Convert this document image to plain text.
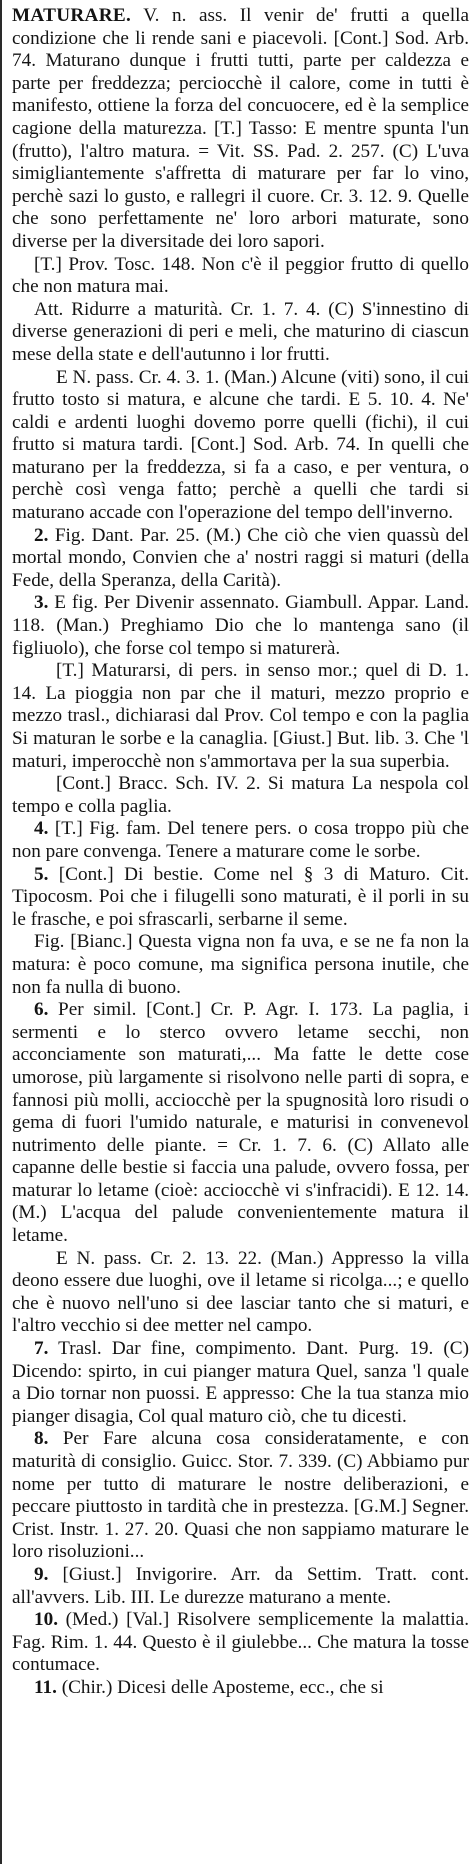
MATURARE. V. n. ass. Il venir de' frutti a quella condizione che li rende sani e piacevoli. [Cont.] Sod. Arb. 74. Maturano dunque i frutti tutti, parte per caldezza e parte per freddezza; perciocchè il calore, come in tutti è manifesto, ottiene la forza del concuocere, ed è la semplice cagione della maturezza. [T.] Tasso: E mentre spunta l'un (frutto), l'altro matura. = Vit. SS. Pad. 2. 257. (C) L'uva simigliantemente s'affretta di maturare per far lo vino, perchè sazi lo gusto, e rallegri il cuore. Cr. 3. 12. 9. Quelle che sono perfettamente ne' loro arbori maturate, sono diverse per la diversitade dei loro sapori.

[T.] Prov. Tosc. 148. Non c'è il peggior frutto di quello che non matura mai.

Att. Ridurre a maturità. Cr. 1. 7. 4. (C) S'innestino di diverse generazioni di peri e meli, che maturino di ciascun mese della state e dell'autunno i lor frutti.

E N. pass. Cr. 4. 3. 1. (Man.) Alcune (viti) sono, il cui frutto tosto si matura, e alcune che tardi. E 5. 10. 4. Ne' caldi e ardenti luoghi dovemo porre quelli (fichi), il cui frutto si matura tardi. [Cont.] Sod. Arb. 74. In quelli che maturano per la freddezza, si fa a caso, e per ventura, o perchè così venga fatto; perchè a quelli che tardi si maturano accade con l'operazione del tempo dell'inverno.

2. Fig. Dant. Par. 25. (M.) Che ciò che vien quassù del mortal mondo, Convien che a' nostri raggi si maturi (della Fede, della Speranza, della Carità).

3. E fig. Per Divenir assennato. Giambull. Appar. Land. 118. (Man.) Preghiamo Dio che lo mantenga sano (il figliuolo), che forse col tempo si maturerà.

[T.] Maturarsi, di pers. in senso mor.; quel di D. 1. 14. La pioggia non par che il maturi, mezzo proprio e mezzo trasl., dichiarasi dal Prov. Col tempo e con la paglia Si maturan le sorbe e la canaglia. [Giust.] But. lib. 3. Che 'l maturi, imperocchè non s'ammortava per la sua superbia.

[Cont.] Bracc. Sch. IV. 2. Si matura La nespola col tempo e colla paglia.

4. [T.] Fig. fam. Del tenere pers. o cosa troppo più che non pare convenga. Tenere a maturare come le sorbe.

5. [Cont.] Di bestie. Come nel § 3 di Maturo. Cit. Tipocosm. Poi che i filugelli sono maturati, è il porli in su le frasche, e poi sfrascarli, serbarne il seme.

Fig. [Bianc.] Questa vigna non fa uva, e se ne fa non la matura: è poco comune, ma significa persona inutile, che non fa nulla di buono.

6. Per simil. [Cont.] Cr. P. Agr. I. 173. La paglia, i sermenti e lo sterco ovvero letame secchi, non acconciamente son maturati,... Ma fatte le dette cose umorose, più largamente si risolvono nelle parti di sopra, e fannosi più molli, acciocchè per la spugnosità loro risudi o gema di fuori l'umido naturale, e maturisi in convenevol nutrimento delle piante. = Cr. 1. 7. 6. (C) Allato alle capanne delle bestie si faccia una palude, ovvero fossa, per maturar lo letame (cioè: acciocchè vi s'infracidi). E 12. 14. (M.) L'acqua del palude convenientemente matura il letame.

E N. pass. Cr. 2. 13. 22. (Man.) Appresso la villa deono essere due luoghi, ove il letame si ricolga...; e quello che è nuovo nell'uno si dee lasciar tanto che si maturi, e l'altro vecchio si dee metter nel campo.

7. Trasl. Dar fine, compimento. Dant. Purg. 19. (C) Dicendo: spirto, in cui pianger matura Quel, sanza 'l quale a Dio tornar non puossi. E appresso: Che la tua stanza mio pianger disagia, Col qual maturo ciò, che tu dicesti.

8. Per Fare alcuna cosa consideratamente, e con maturità di consiglio. Guicc. Stor. 7. 339. (C) Abbiamo pur nome per tutto di maturare le nostre deliberazioni, e peccare piuttosto in tardità che in prestezza. [G.M.] Segner. Crist. Instr. 1. 27. 20. Quasi che non sappiamo maturare le loro risoluzioni...

9. [Giust.] Invigorire. Arr. da Settim. Tratt. cont. all'avvers. Lib. III. Le durezze maturano a mente.

10. (Med.) [Val.] Risolvere semplicemente la malattia. Fag. Rim. 1. 44. Questo è il giulebbe... Che matura la tosse contumace.

11. (Chir.) Dicesi delle Aposteme, ecc., che si
